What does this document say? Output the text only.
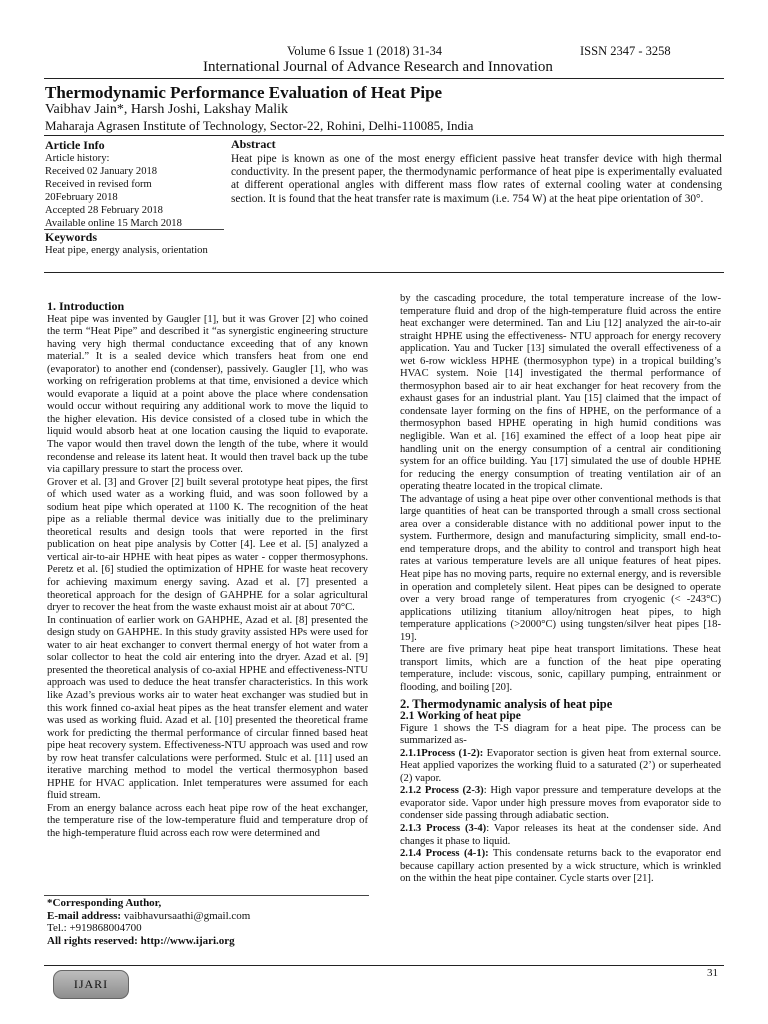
Volume 6 Issue 1 (2018) 31-34	ISSN 2347 - 3258
International Journal of Advance Research and Innovation
Thermodynamic Performance Evaluation of Heat Pipe
Vaibhav Jain*, Harsh Joshi, Lakshay Malik
Maharaja Agrasen Institute of Technology, Sector-22, Rohini, Delhi-110085, India
Article Info
Article history:
Received 02 January 2018
Received in revised form
20February 2018
Accepted 28 February 2018
Available online 15 March 2018
Keywords
Heat pipe, energy analysis, orientation
Abstract

Heat pipe is known as one of the most energy efficient passive heat transfer device with high thermal conductivity. In the present paper, the thermodynamic performance of heat pipe is experimentally evaluated at different operational angles with different mass flow rates of external cooling water at condensing section. It is found that the heat transfer rate is maximum (i.e. 754 W) at the heat pipe orientation of 30°.

1. Introduction

Heat pipe was invented by Gaugler [1], but it was Grover [2] who coined the term “Heat Pipe” and described it “as synergistic engineering structure having very high thermal conductance exceeding that of any known material.” It is a sealed device which transfers heat from one end (evaporator) to another end (condenser), passively. Gaugler [1], who was working on refrigeration problems at that time, envisioned a device which would evaporate a liquid at a point above the place where condensation would occur without requiring any additional work to move the liquid to the higher elevation. His device consisted of a closed tube in which the liquid would absorb heat at one location causing the liquid to evaporate. The vapor would then travel down the length of the tube, where it would recondense and release its latent heat. It would then travel back up the tube via capillary pressure to start the process over.

Grover et al. [3] and Grover [2] built several prototype heat pipes, the first of which used water as a working fluid, and was soon followed by a sodium heat pipe which operated at 1100 K. The recognition of the heat pipe as a reliable thermal device was initially due to the preliminary theoretical results and design tools that were reported in the first publication on heat pipe analysis by Cotter [4]. Lee et al. [5] analyzed a vertical air-to-air HPHE with heat pipes as water - copper thermosyphons. Peretz et al. [6] studied the optimization of HPHE for waste heat recovery for achieving maximum energy saving. Azad et al. [7] presented a theoretical approach for the design of GAHPHE for a solar agricultural dryer to recover the heat from the waste exhaust moist air at about 70°C.

In continuation of earlier work on GAHPHE, Azad et al. [8] presented the design study on GAHPHE. In this study gravity assisted HPs were used for water to air heat exchanger to convert thermal energy of hot water from a solar collector to heat the cold air entering into the dryer. Azad et al. [9] presented the theoretical analysis of co-axial HPHE and effectiveness-NTU approach was used to deduce the heat transfer characteristics. In this work like Azad’s previous works air to water heat exchanger was studied but in this work finned co-axial heat pipes as the heat transfer element and water was used as working fluid. Azad et al. [10] presented the theoretical frame work for predicting the thermal performance of circular finned based heat pipe heat recovery system. Effectiveness-NTU approach was used and row by row heat transfer calculations were performed. Stulc et al. [11] used an iterative marching method to model the vertical thermosyphon based HPHE for HVAC application. Inlet temperatures were assumed for each fluid stream.

From an energy balance across each heat pipe row of the heat exchanger, the temperature rise of the low-temperature fluid and temperature drop of the high-temperature fluid across each row were determined and

*Corresponding Author,
E-mail address: vaibhavursaathi@gmail.com
Tel.: +919868004700
All rights reserved: http://www.ijari.org

by the cascading procedure, the total temperature increase of the low-temperature fluid and drop of the high-temperature fluid across the entire heat exchanger were determined. Tan and Liu [12] analyzed the air-to-air straight HPHE using the effectiveness- NTU approach for energy recovery application. Yau and Tucker [13] simulated the overall effectiveness of a wet 6-row wickless HPHE (thermosyphon type) in a tropical building’s HVAC system. Noie [14] investigated the thermal performance of thermosyphon based air to air heat exchanger for heat recovery from the exhaust gases for an industrial plant. Yau [15] claimed that the impact of condensate layer forming on the fins of HPHE, on the performance of a thermosyphon based HPHE operating in high humid conditions was negligible. Wan et al. [16] examined the effect of a loop heat pipe air handling unit on the energy consumption of a central air conditioning system for an office building. Yau [17] simulated the use of double HPHE for reducing the energy consumption of treating ventilation air of an operating theatre located in the tropical climate.

The advantage of using a heat pipe over other conventional methods is that large quantities of heat can be transported through a small cross sectional area over a considerable distance with no additional power input to the system. Furthermore, design and manufacturing simplicity, small end-to-end temperature drops, and the ability to control and transport high heat rates at various temperature levels are all unique features of heat pipes. Heat pipe has no moving parts, require no external energy, and is reversible in operation and completely silent. Heat pipes can be designed to operate over a very broad range of temperatures from cryogenic (< -243°C) applications utilizing titanium alloy/nitrogen heat pipes, to high temperature applications (>2000°C) using tungsten/silver heat pipes [18-19].

There are five primary heat pipe heat transport limitations. These heat transport limits, which are a function of the heat pipe operating temperature, include: viscous, sonic, capillary pumping, entrainment or flooding, and boiling [20].

2. Thermodynamic analysis of heat pipe
2.1 Working of heat pipe

Figure 1 shows the T-S diagram for a heat pipe. The process can be summarized as-

2.1.1Process (1-2): Evaporator section is given heat from external source. Heat applied vaporizes the working fluid to a saturated (2’) or superheated (2) vapor.

2.1.2 Process (2-3): High vapor pressure and temperature develops at the evaporator side. Vapor under high pressure moves from evaporator side to condenser side passing through adiabatic section.

2.1.3 Process (3-4): Vapor releases its heat at the condenser side. And changes it phase to liquid.

2.1.4 Process (4-1): This condensate returns back to the evaporator end because capillary action presented by a wick structure, which is wrinkled on the within the heat pipe container. Cycle starts over [21].

31
IJARI
